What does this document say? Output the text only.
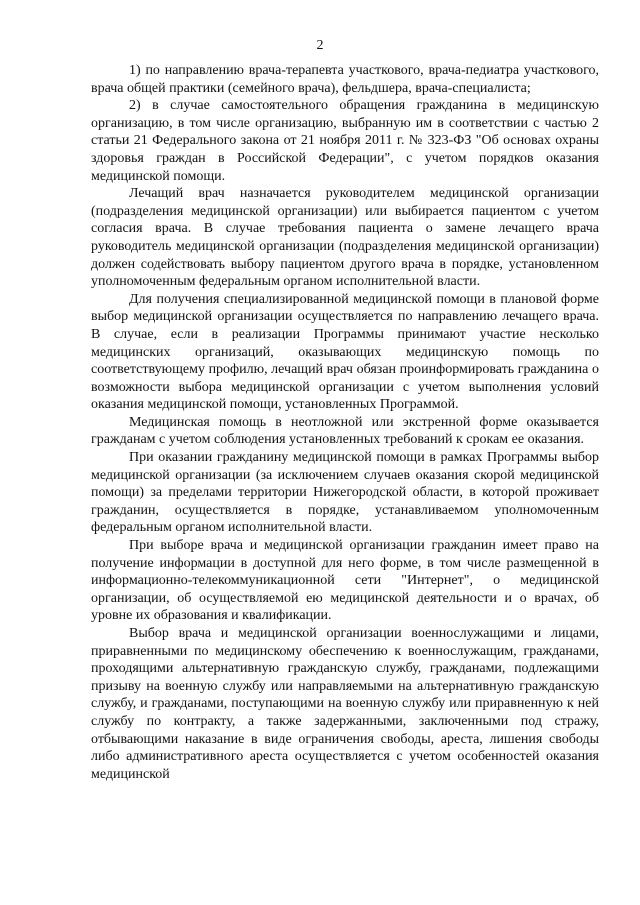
2

1) по направлению врача-терапевта участкового, врача-педиатра участкового, врача общей практики (семейного врача), фельдшера, врача-специалиста;

2) в случае самостоятельного обращения гражданина в медицинскую организацию, в том числе организацию, выбранную им в соответствии с частью 2 статьи 21 Федерального закона от 21 ноября 2011 г. № 323-ФЗ "Об основах охраны здоровья граждан в Российской Федерации", с учетом порядков оказания медицинской помощи.

Лечащий врач назначается руководителем медицинской организации (подразделения медицинской организации) или выбирается пациентом с учетом согласия врача. В случае требования пациента о замене лечащего врача руководитель медицинской организации (подразделения медицинской организации) должен содействовать выбору пациентом другого врача в порядке, установленном уполномоченным федеральным органом исполнительной власти.

Для получения специализированной медицинской помощи в плановой форме выбор медицинской организации осуществляется по направлению лечащего врача. В случае, если в реализации Программы принимают участие несколько медицинских организаций, оказывающих медицинскую помощь по соответствующему профилю, лечащий врач обязан проинформировать гражданина о возможности выбора медицинской организации с учетом выполнения условий оказания медицинской помощи, установленных Программой.

Медицинская помощь в неотложной или экстренной форме оказывается гражданам с учетом соблюдения установленных требований к срокам ее оказания.

При оказании гражданину медицинской помощи в рамках Программы выбор медицинской организации (за исключением случаев оказания скорой медицинской помощи) за пределами территории Нижегородской области, в которой проживает гражданин, осуществляется в порядке, устанавливаемом уполномоченным федеральным органом исполнительной власти.

При выборе врача и медицинской организации гражданин имеет право на получение информации в доступной для него форме, в том числе размещенной в информационно-телекоммуникационной сети "Интернет", о медицинской организации, об осуществляемой ею медицинской деятельности и о врачах, об уровне их образования и квалификации.

Выбор врача и медицинской организации военнослужащими и лицами, приравненными по медицинскому обеспечению к военнослужащим, гражданами, проходящими альтернативную гражданскую службу, гражданами, подлежащими призыву на военную службу или направляемыми на альтернативную гражданскую службу, и гражданами, поступающими на военную службу или приравненную к ней службу по контракту, а также задержанными, заключенными под стражу, отбывающими наказание в виде ограничения свободы, ареста, лишения свободы либо административного ареста осуществляется с учетом особенностей оказания медицинской
